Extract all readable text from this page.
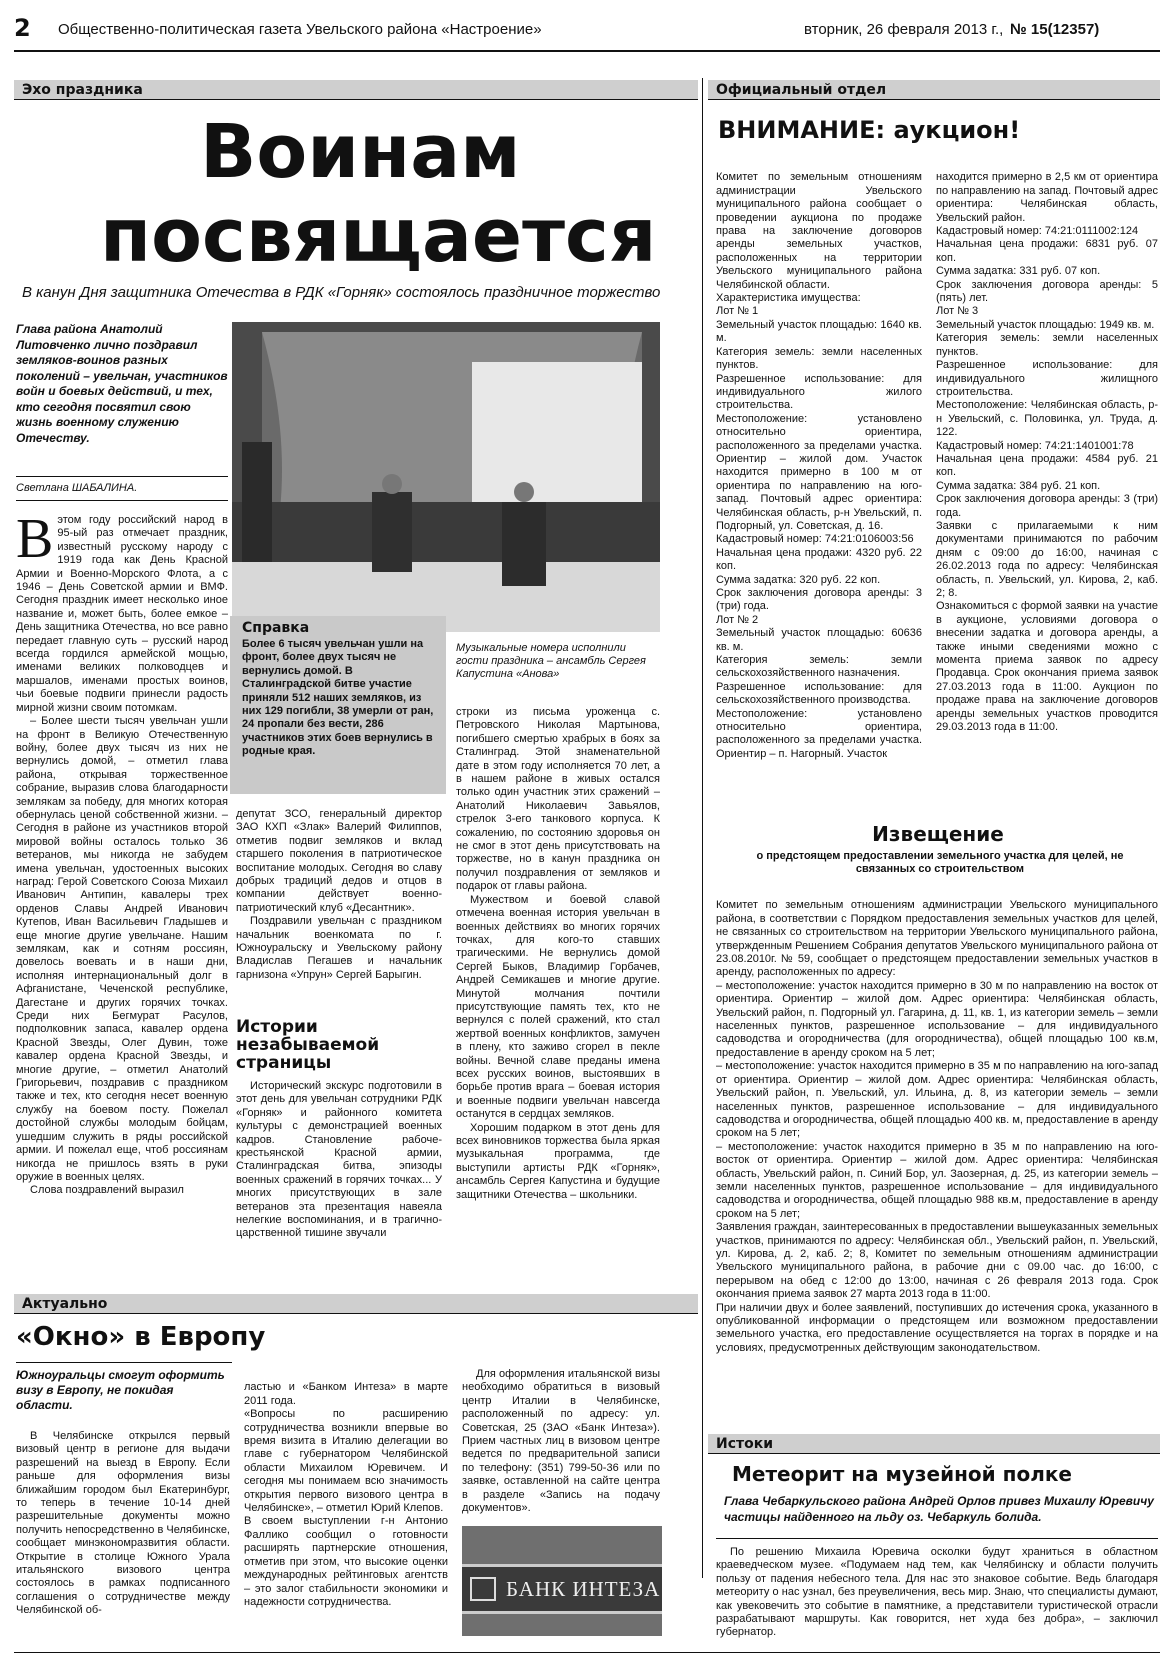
2 Общественно-политическая газета Увельского района «Настроение»	вторник, 26 февраля 2013 г., № 15(12357)
Эхо праздника
Воинам
посвящается
В канун Дня защитника Отечества в РДК «Горняк» состоялось праздничное торжество
Глава района Анатолий Литовченко лично поздравил земляков-воинов разных поколений – увельчан, участников войн и боевых действий, и тех, кто сегодня посвятил свою жизнь военному служению Отечеству.
Светлана ШАБАЛИНА.
В этом году российский народ в 95-ый раз отмечает праздник, известный русскому народу с 1919 года как День Красной Армии и Военно-Морского Флота, а с 1946 – День Советской армии и ВМФ. Сегодня праздник имеет несколько иное название и, может быть, более емкое – День защитника Отечества, но все равно передает главную суть – русский народ всегда гордился армейской мощью, именами великих полководцев и маршалов, именами простых воинов, чьи боевые подвиги принесли радость мирной жизни своим потомкам.

– Более шести тысяч увельчан ушли на фронт в Великую Отечественную войну, более двух тысяч из них не вернулись домой, – отметил глава района, открывая торжественное собрание, выразив слова благодарности землякам за победу, для многих которая обернулась ценой собственной жизни. – Сегодня в районе из участников второй мировой войны осталось только 36 ветеранов, мы никогда не забудем имена увельчан, удостоенных высоких наград: Герой Советского Союза Михаил Иванович Антипин, кавалеры трех орденов Славы Андрей Иванович Кутепов, Иван Васильевич Гладышев и еще многие другие увельчане. Нашим землякам, как и сотням россиян, довелось воевать и в наши дни, исполняя интернациональный долг в Афганистане, Чеченской республике, Дагестане и других горячих точках. Среди них Бегмурат Расулов, подполковник запаса, кавалер ордена Красной Звезды, Олег Дувин, тоже кавалер ордена Красной Звезды, и многие другие, – отметил Анатолий Григорьевич, поздравив с праздником также и тех, кто сегодня несет военную службу на боевом посту. Пожелал достойной службы молодым бойцам, ушедшим служить в ряды российской армии. И пожелал еще, чтоб россиянам никогда не пришлось взять в руки оружие в военных целях.

Слова поздравлений выразил

Справка
Более 6 тысяч увельчан ушли на фронт, более двух тысяч не вернулись домой. В Сталинградской битве участие приняли 512 наших земляков, из них 129 погибли, 38 умерли от ран, 24 пропали без вести, 286 участников этих боев вернулись в родные края.
Музыкальные номера исполнили гости праздника – ансамбль Сергея Капустина «Анова»

депутат ЗСО, генеральный директор ЗАО КХП «Злак» Валерий Филиппов, отметив подвиг земляков и вклад старшего поколения в патриотическое воспитание молодых. Сегодня во славу добрых традиций дедов и отцов в компании действует военно-патриотический клуб «Десантник».

Поздравили увельчан с праздником начальник военкомата по г. Южноуральску и Увельскому району Владислав Пегашев и начальник гарнизона «Упрун» Сергей Барыгин.

Истории незабываемой страницы

Исторический экскурс подготовили в этот день для увельчан сотрудники РДК «Горняк» и районного комитета культуры с демонстрацией военных кадров. Становление рабоче-крестьянской Красной армии, Сталинградская битва, эпизоды военных сражений в горячих точках... У многих присутствующих в зале ветеранов эта презентация навеяла нелегкие воспоминания, и в трагично-царственной тишине звучали

строки из письма уроженца с. Петровского Николая Мартынова, погибшего смертью храбрых в боях за Сталинград. Этой знаменательной дате в этом году исполняется 70 лет, а в нашем районе в живых остался только один участник этих сражений – Анатолий Николаевич Завьялов, стрелок 3-его танкового корпуса. К сожалению, по состоянию здоровья он не смог в этот день присутствовать на торжестве, но в канун праздника он получил поздравления от земляков и подарок от главы района.

Мужеством и боевой славой отмечена военная история увельчан в военных действиях во многих горячих точках, для кого-то ставших трагическими. Не вернулись домой Сергей Быков, Владимир Горбачев, Андрей Семикашев и многие другие. Минутой молчания почтили присутствующие память тех, кто не вернулся с полей сражений, кто стал жертвой военных конфликтов, замучен в плену, кто заживо сгорел в пекле войны. Вечной славе преданы имена всех русских воинов, выстоявших в борьбе против врага – боевая история и военные подвиги увельчан навсегда останутся в сердцах земляков.

Хорошим подарком в этот день для всех виновников торжества была яркая музыкальная программа, где выступили артисты РДК «Горняк», ансамбль Сергея Капустина и будущие защитники Отечества – школьники.

Актуально
«Окно» в Европу
Южноуральцы смогут оформить визу в Европу, не покидая области.

В Челябинске открылся первый визовый центр в регионе для выдачи разрешений на выезд в Европу. Если раньше для оформления визы ближайшим городом был Екатеринбург, то теперь в течение 10-14 дней разрешительные документы можно получить непосредственно в Челябинске, сообщает минэкономразвития области. Открытие в столице Южного Урала итальянского визового центра состоялось в рамках подписанного соглашения о сотрудничестве между Челябинской об-

ластью и «Банком Интеза» в марте 2011 года.
«Вопросы по расширению сотрудничества возникли впервые во время визита в Италию делегации во главе с губернатором Челябинской области Михаилом Юревичем. И сегодня мы понимаем всю значимость открытия первого визового центра в Челябинске», – отметил Юрий Клепов.
В своем выступлении г-н Антонио Фаллико сообщил о готовности расширять партнерские отношения, отметив при этом, что высокие оценки международных рейтинговых агентств – это залог стабильности экономики и надежности сотрудничества.

Для оформления итальянской визы необходимо обратиться в визовый центр Италии в Челябинске, расположенный по адресу: ул. Советская, 25 (ЗАО «Банк Интеза»). Прием частных лиц в визовом центре ведется по предварительной записи по телефону: (351) 799-50-36 или по заявке, оставленной на сайте центра в разделе «Запись на подачу документов».

БАНК ИНТЕЗА
Официальный отдел
ВНИМАНИЕ: аукцион!

Комитет по земельным отношениям администрации Увельского муниципального района сообщает о проведении аукциона по продаже права на заключение договоров аренды земельных участков, расположенных на территории Увельского муниципального района Челябинской области.
Характеристика имущества:
Лот № 1
Земельный участок площадью: 1640 кв. м.
Категория земель: земли населенных пунктов.
Разрешенное использование: для индивидуального жилого строительства.
Местоположение: установлено относительно ориентира, расположенного за пределами участка. Ориентир – жилой дом. Участок находится примерно в 100 м от ориентира по направлению на юго-запад. Почтовый адрес ориентира: Челябинская область, р-н Увельский, п. Подгорный, ул. Советская, д. 16.
Кадастровый номер: 74:21:0106003:56
Начальная цена продажи: 4320 руб. 22 коп.
Сумма задатка: 320 руб. 22 коп.
Срок заключения договора аренды: 3 (три) года.
Лот № 2
Земельный участок площадью: 60636 кв. м.
Категория земель: земли сельскохозяйственного назначения.
Разрешенное использование: для сельскохозяйственного производства.
Местоположение: установлено относительно ориентира, расположенного за пределами участка. Ориентир – п. Нагорный. Участок

находится примерно в 2,5 км от ориентира по направлению на запад. Почтовый адрес ориентира: Челябинская область, Увельский район.
Кадастровый номер: 74:21:0111002:124
Начальная цена продажи: 6831 руб. 07 коп.
Сумма задатка: 331 руб. 07 коп.
Срок заключения договора аренды: 5 (пять) лет.
Лот № 3
Земельный участок площадью: 1949 кв. м.
Категория земель: земли населенных пунктов.
Разрешенное использование: для индивидуального жилищного строительства.
Местоположение: Челябинская область, р-н Увельский, с. Половинка, ул. Труда, д. 122.
Кадастровый номер: 74:21:1401001:78
Начальная цена продажи: 4584 руб. 21 коп.
Сумма задатка: 384 руб. 21 коп.
Срок заключения договора аренды: 3 (три) года.
Заявки с прилагаемыми к ним документами принимаются по рабочим дням с 09:00 до 16:00, начиная с 26.02.2013 года по адресу: Челябинская область, п. Увельский, ул. Кирова, 2, каб. 2; 8.
Ознакомиться с формой заявки на участие в аукционе, условиями договора о внесении задатка и договора аренды, а также иными сведениями можно с момента приема заявок по адресу Продавца. Срок окончания приема заявок 27.03.2013 года в 11:00. Аукцион по продаже права на заключение договоров аренды земельных участков проводится 29.03.2013 года в 11:00.

Извещение
о предстоящем предоставлении земельного участка для целей, не связанных со строительством

Комитет по земельным отношениям администрации Увельского муниципального района, в соответствии с Порядком предоставления земельных участков для целей, не связанных со строительством на территории Увельского муниципального района, утвержденным Решением Собрания депутатов Увельского муниципального района от 23.08.2010г. № 59, сообщает о предстоящем предоставлении земельных участков в аренду, расположенных по адресу:
– местоположение: участок находится примерно в 30 м по направлению на восток от ориентира. Ориентир – жилой дом. Адрес ориентира: Челябинская область, Увельский район, п. Подгорный ул. Гагарина, д. 11, кв. 1, из категории земель – земли населенных пунктов, разрешенное использование – для индивидуального садоводства и огородничества (для огородничества), общей площадью 100 кв.м, предоставление в аренду сроком на 5 лет;
– местоположение: участок находится примерно в 35 м по направлению на юго-запад от ориентира. Ориентир – жилой дом. Адрес ориентира: Челябинская область, Увельский район, п. Увельский, ул. Ильина, д. 8, из категории земель – земли населенных пунктов, разрешенное использование – для индивидуального садоводства и огородничества, общей площадью 400 кв. м, предоставление в аренду сроком на 5 лет;
– местоположение: участок находится примерно в 35 м по направлению на юго-восток от ориентира. Ориентир – жилой дом. Адрес ориентира: Челябинская область, Увельский район, п. Синий Бор, ул. Заозерная, д. 25, из категории земель – земли населенных пунктов, разрешенное использование – для индивидуального садоводства и огородничества, общей площадью 988 кв.м, предоставление в аренду сроком на 5 лет;
Заявления граждан, заинтересованных в предоставлении вышеуказанных земельных участков, принимаются по адресу: Челябинская обл., Увельский район, п. Увельский, ул. Кирова, д. 2, каб. 2; 8, Комитет по земельным отношениям администрации Увельского муниципального района, в рабочие дни с 09.00 час. до 16:00, с перерывом на обед с 12:00 до 13:00, начиная с 26 февраля 2013 года. Срок окончания приема заявок 27 марта 2013 года в 11:00.
При наличии двух и более заявлений, поступивших до истечения срока, указанного в опубликованной информации о предстоящем или возможном предоставлении земельного участка, его предоставление осуществляется на торгах в порядке и на условиях, предусмотренных действующим законодательством.

Истоки
Метеорит на музейной полке
Глава Чебаркульского района Андрей Орлов привез Михаилу Юревичу частицы найденного на льду оз. Чебаркуль болида.

По решению Михаила Юревича осколки будут храниться в областном краеведческом музее. «Подумаем над тем, как Челябинску и области получить пользу от падения небесного тела. Для нас это знаковое событие. Ведь благодаря метеориту о нас узнал, без преувеличения, весь мир. Знаю, что специалисты думают, как увековечить это событие в памятнике, а представители туристической отрасли разрабатывают маршруты. Как говорится, нет худа без добра», – заключил губернатор.
